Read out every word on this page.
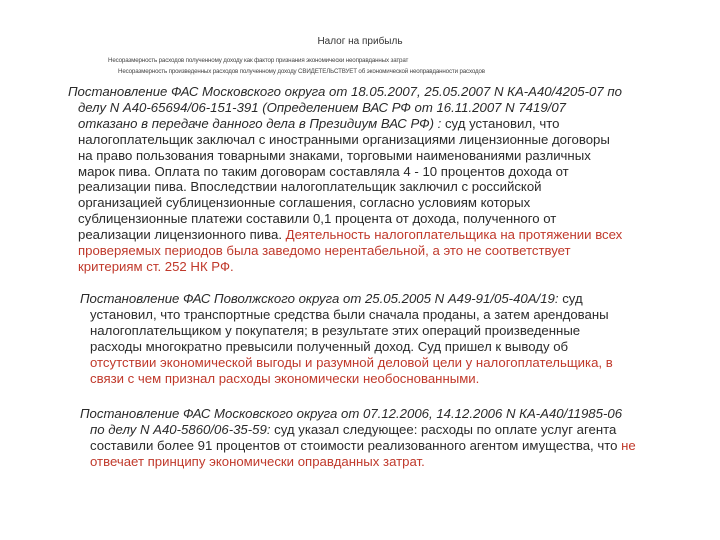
Налог на прибыль
Несоразмерность расходов полученному доходу как фактор признания экономически неоправданных затрат
Несоразмерность произведенных расходов полученному доходу СВИДЕТЕЛЬСТВУЕТ об экономической неоправданности расходов
Постановление ФАС Московского округа от 18.05.2007, 25.05.2007 N КА-А40/4205-07 по
делу N А40-65694/06-151-391 (Определением ВАС РФ от 16.11.2007 N 7419/07
отказано в передаче данного дела в Президиум ВАС РФ) : суд установил, что
налогоплательщик заключал с иностранными организациями лицензионные договоры
на право пользования товарными знаками, торговыми наименованиями различных
марок пива. Оплата по таким договорам составляла 4 - 10 процентов дохода от
реализации пива. Впоследствии налогоплательщик заключил с российской
организацией сублицензионные соглашения, согласно условиям которых
сублицензионные платежи составили 0,1 процента от дохода, полученного от
реализации лицензионного пива. Деятельность налогоплательщика на протяжении всех
проверяемых периодов была заведомо нерентабельной, а это не соответствует
критериям ст. 252 НК РФ.
Постановление ФАС Поволжского округа от 25.05.2005 N А49-91/05-40А/19: суд
установил, что транспортные средства были сначала проданы, а затем арендованы
налогоплательщиком у покупателя; в результате этих операций произведенные
расходы многократно превысили полученный доход. Суд пришел к выводу об
отсутствии экономической выгоды и разумной деловой цели у налогоплательщика, в
связи с чем признал расходы экономически необоснованными.
Постановление ФАС Московского округа от 07.12.2006, 14.12.2006 N КА-А40/11985-06
по делу N А40-5860/06-35-59: суд указал следующее: расходы по оплате услуг агента
составили более 91 процентов от стоимости реализованного агентом имущества, что не
отвечает принципу экономически оправданных затрат.
